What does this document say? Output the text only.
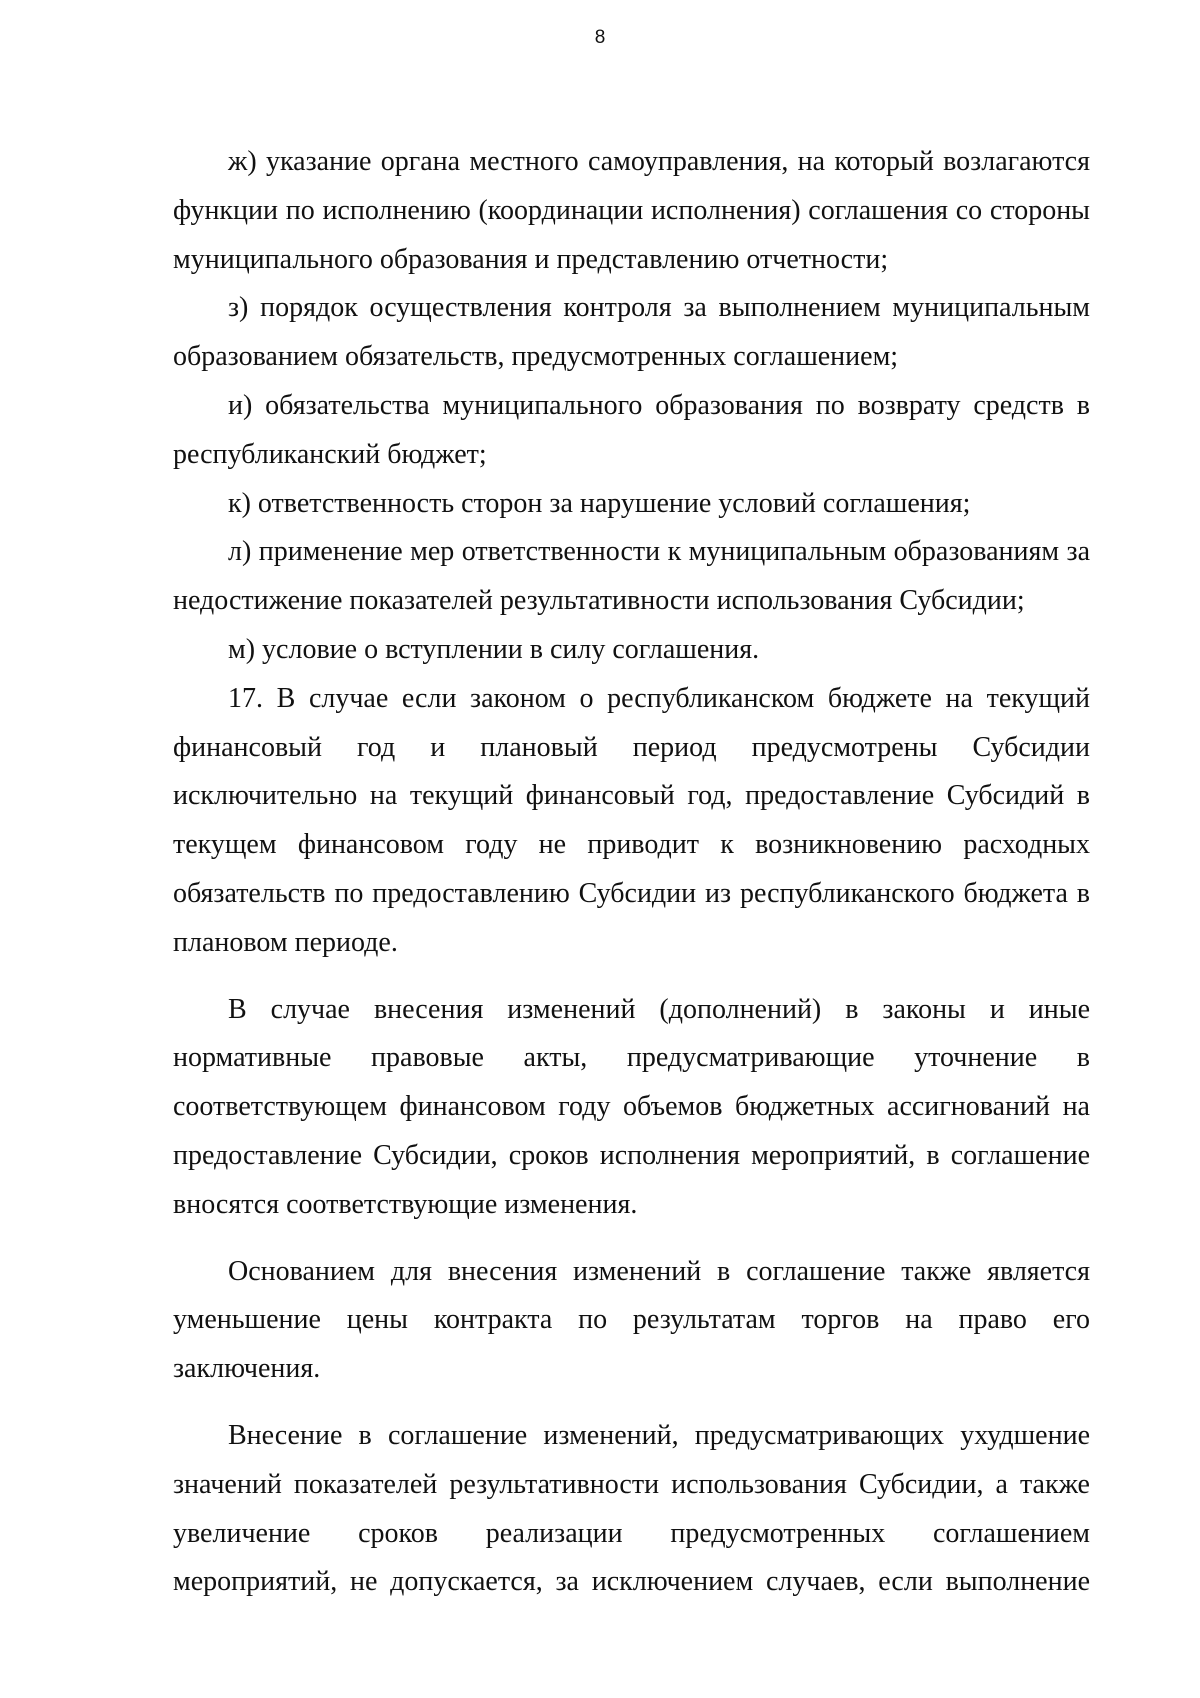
8

ж) указание органа местного самоуправления, на который возлагаются функции по исполнению (координации исполнения) соглашения со стороны муниципального образования и представлению отчетности;

з) порядок осуществления контроля за выполнением муниципальным образованием обязательств, предусмотренных соглашением;

и) обязательства муниципального образования по возврату средств в республиканский бюджет;

к) ответственность сторон за нарушение условий соглашения;

л) применение мер ответственности к муниципальным образованиям за недостижение показателей результативности использования Субсидии;

м) условие о вступлении в силу соглашения.

17. В случае если законом о республиканском бюджете на текущий финансовый год и плановый период предусмотрены Субсидии исключительно на текущий финансовый год, предоставление Субсидий в текущем финансовом году не приводит к возникновению расходных обязательств по предоставлению Субсидии из республиканского бюджета в плановом периоде.

В случае внесения изменений (дополнений) в законы и иные нормативные правовые акты, предусматривающие уточнение в соответствующем финансовом году объемов бюджетных ассигнований на предоставление Субсидии, сроков исполнения мероприятий, в соглашение вносятся соответствующие изменения.

Основанием для внесения изменений в соглашение также является уменьшение цены контракта по результатам торгов на право его заключения.

Внесение в соглашение изменений, предусматривающих ухудшение значений показателей результативности использования Субсидии, а также увеличение сроков реализации предусмотренных соглашением мероприятий, не допускается, за исключением случаев, если выполнение
